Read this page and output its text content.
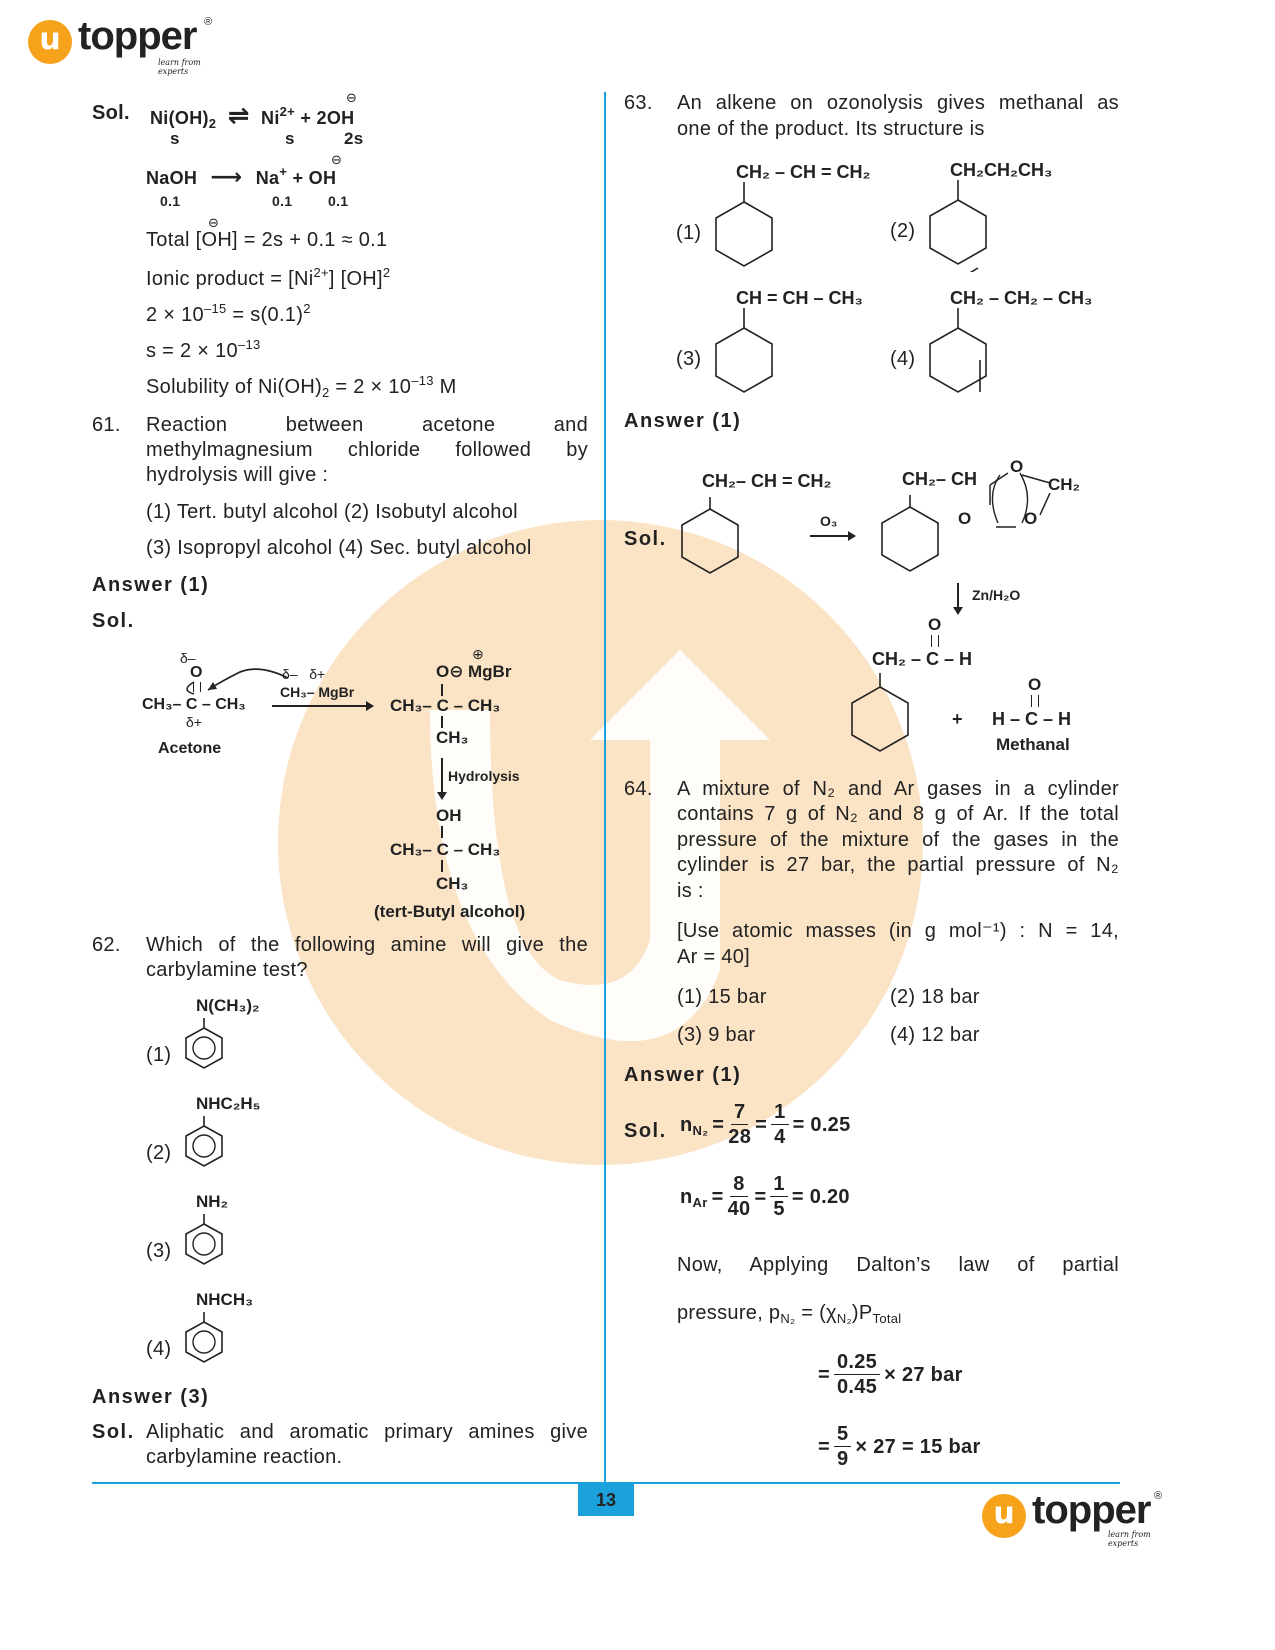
u topper ®
learn from experts
13	u topper ®
learn from experts
Sol. $Ni(OH)_2$ ⇌ $Ni^{2+} + 2OH$
⊖
s	s	2s
NaOH ⟶ Na+ + OH
⊖
0.1	0.1	0.1
Total [OH] = 2s + 0.1 ≈ 0.1
⊖
Ionic product = $[Ni^{2+}]$ [OH]$^2$
$2 \times 10^{-15} = s(0.1)^2$
$s = 2 \times 10^{-13}$
Solubility of $Ni(OH)_2 = 2 \times 10^{-13}$ M
61. Reaction between acetone and
methylmagnesium chloride followed by
hydrolysis will give :
(1) Tert. butyl alcohol (2) Isobutyl alcohol
(3) Isopropyl alcohol (4) Sec. butyl alcohol
Answer (1)
Sol.
δ–
O
CH₃– C – CH₃
δ+
Acetone
δ–   δ+
CH₃– MgBr
O⊖ MgBr
⊕
CH₃– C – CH₃
CH₃
Hydrolysis
OH
CH₃– C – CH₃
CH₃
(tert-Butyl alcohol)
62. Which of the following amine will give the
carbylamine test?
(1)
N(CH₃)₂
(2)
NHC₂H₅
(3)
NH₂
(4)
NHCH₃
Answer (3)
Sol. Aliphatic and aromatic primary amines give
carbylamine reaction.
63. An alkene on ozonolysis gives methanal as
one of the product. Its structure is
(1)
CH₂ – CH = CH₂
(2)
CH₂CH₂CH₃
(3)
CH = CH – CH₃
(4)
CH₂ – CH₂ – CH₃
Answer (1)
Sol.
CH₂– CH = CH₂
O₃
CH₂– CH
O
CH₂
O	O
Zn/H₂O
O
CH₂ – C – H
+
O
H – C – H
Methanal
64. A mixture of N₂ and Ar gases in a cylinder
contains 7 g of N₂ and 8 g of Ar. If the total
pressure of the mixture of the gases in the
cylinder is 27 bar, the partial pressure of N₂
is :
[Use atomic masses (in g mol⁻¹) : N = 14,
Ar = 40]
(1) 15 bar	(2) 18 bar
(3) 9 bar	(4) 12 bar
Answer (1)
Sol. $n_{N_2} = \frac{7}{28} = \frac{1}{4} = 0.25$
$n_{Ar} = \frac{8}{40} = \frac{1}{5} = 0.20$
Now, Applying Dalton’s law of partial
pressure, $p_{N_2} = (\chi_{N_2})P_{Total}$
= $\frac{0.25}{0.45} \times 27$ bar
= $\frac{5}{9} \times 27 = 15$ bar
